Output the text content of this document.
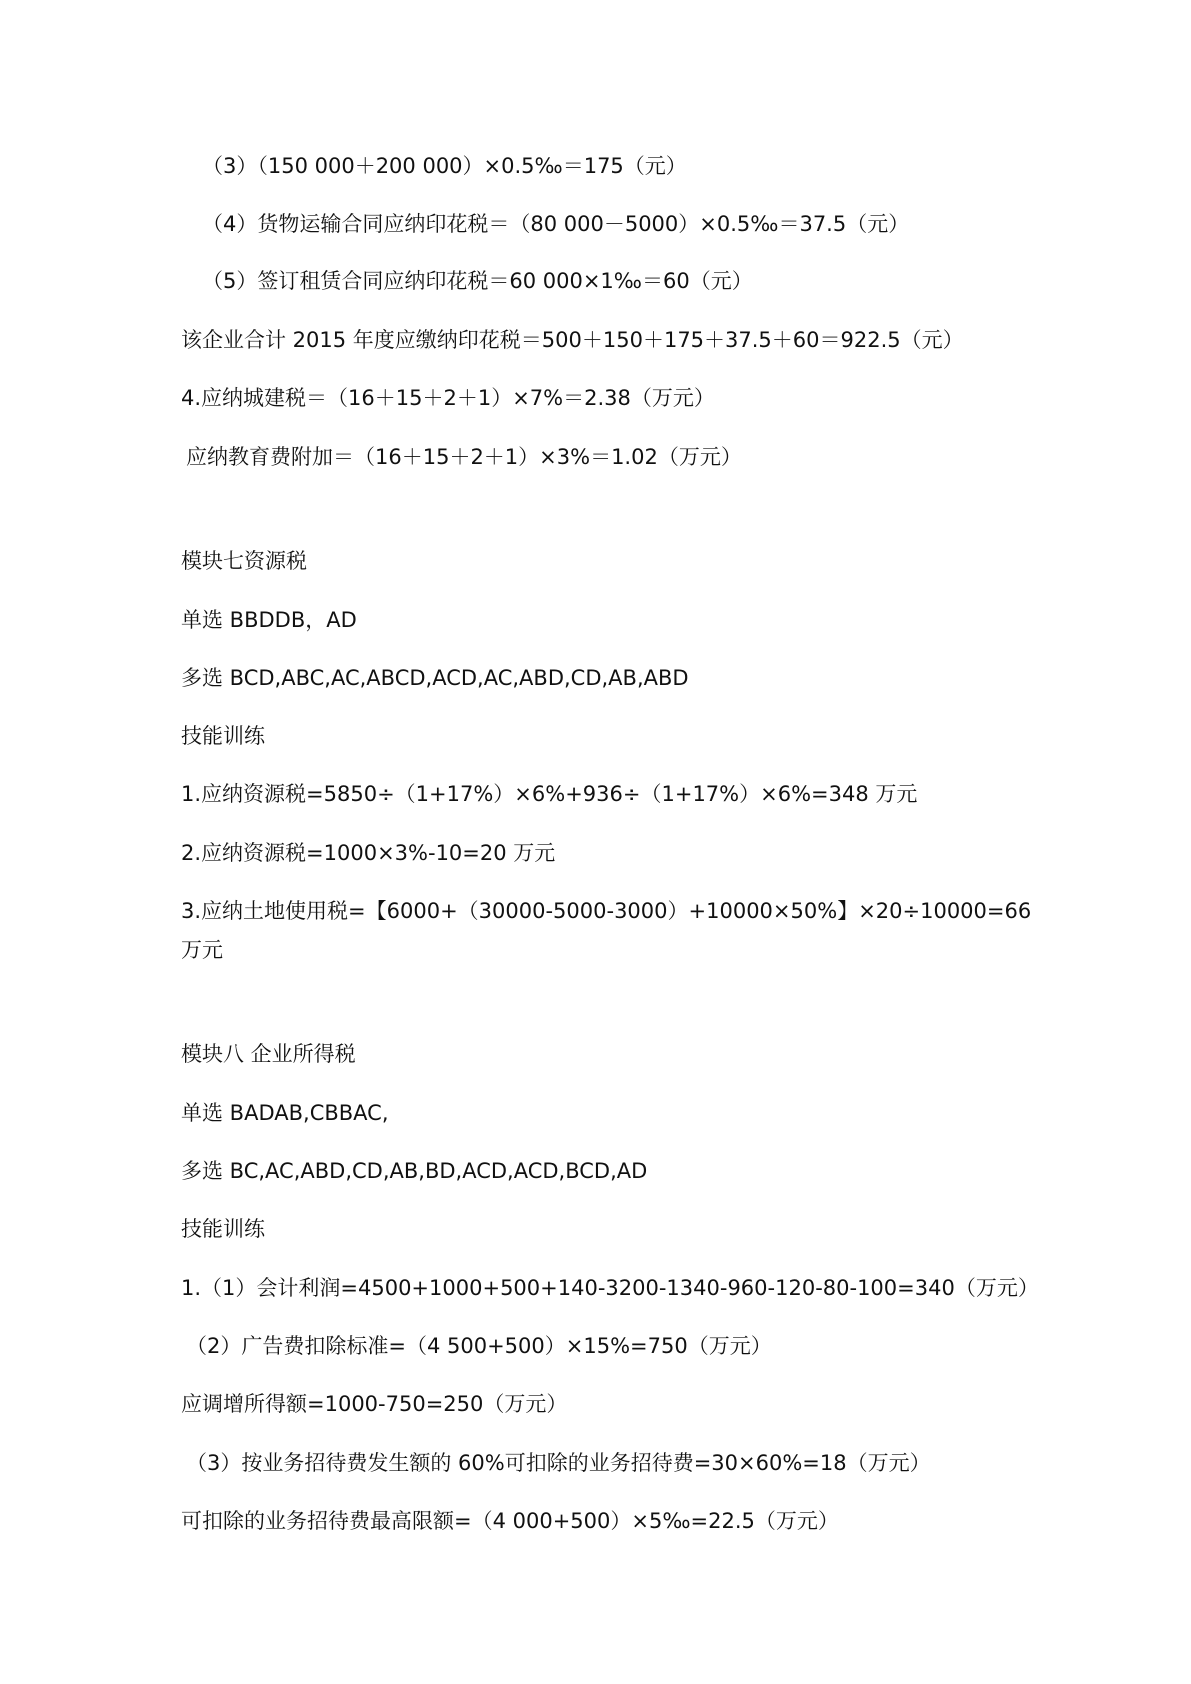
（3）（150 000＋200 000）×0.5‰＝175（元）
（4）货物运输合同应纳印花税＝（80 000－5000）×0.5‰＝37.5（元）
（5）签订租赁合同应纳印花税＝60 000×1‰＝60（元）
该企业合计 2015 年度应缴纳印花税＝500＋150＋175＋37.5＋60＝922.5（元）
4.应纳城建税＝（16＋15＋2＋1）×7%＝2.38（万元）
应纳教育费附加＝（16＋15＋2＋1）×3%＝1.02（万元）
模块七资源税
单选 BBDDB，AD
多选 BCD,ABC,AC,ABCD,ACD,AC,ABD,CD,AB,ABD
技能训练
1.应纳资源税=5850÷（1+17%）×6%+936÷（1+17%）×6%=348 万元
2.应纳资源税=1000×3%-10=20 万元
3.应纳土地使用税=【6000+（30000-5000-3000）+10000×50%】×20÷10000=66
万元
模块八 企业所得税
单选 BADAB,CBBAC,
多选 BC,AC,ABD,CD,AB,BD,ACD,ACD,BCD,AD
技能训练
1.（1）会计利润=4500+1000+500+140-3200-1340-960-120-80-100=340（万元）
（2）广告费扣除标准=（4 500+500）×15%=750（万元）
应调增所得额=1000-750=250（万元）
（3）按业务招待费发生额的 60%可扣除的业务招待费=30×60%=18（万元）
可扣除的业务招待费最高限额=（4 000+500）×5‰=22.5（万元）
